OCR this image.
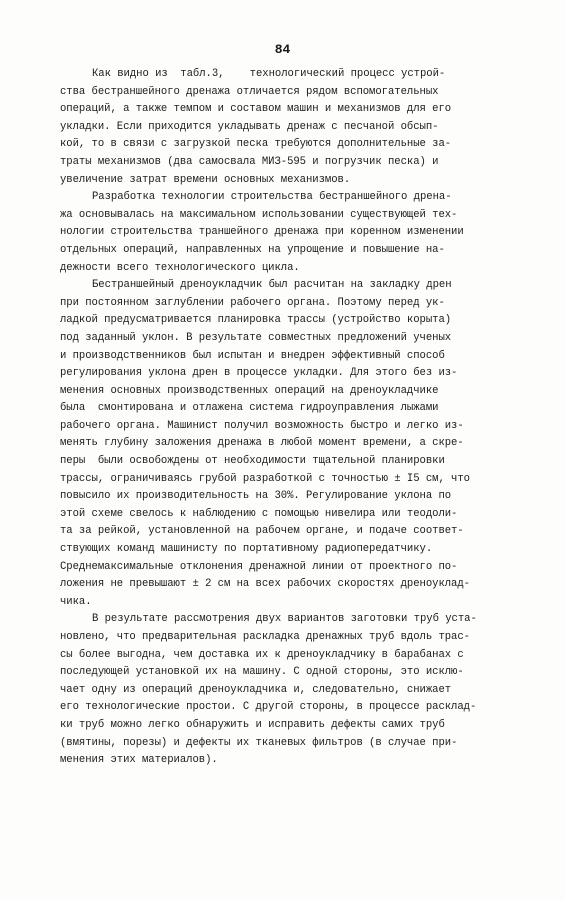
84
Как видно из  табл.3,    технологический процесс устрой-
ства бестраншейного дренажа отличается рядом вспомогательных
операций, а также темпом и составом машин и механизмов для его
укладки. Если приходится укладывать дренаж с песчаной обсып-
кой, то в связи с загрузкой песка требуются дополнительные за-
траты механизмов (два самосвала МИЗ-595 и погрузчик песка) и
увеличение затрат времени основных механизмов.
Разработка технологии строительства бестраншейного дрена-
жа основывалась на максимальном использовании существующей тех-
нологии строительства траншейного дренажа при коренном изменении
отдельных операций, направленных на упрощение и повышение на-
дежности всего технологического цикла.
Бестраншейный дреноукладчик был расчитан на закладку дрен
при постоянном заглублении рабочего органа. Поэтому перед ук-
ладкой предусматривается планировка трассы (устройство корыта)
под заданный уклон. В результате совместных предложений ученых
и производственников был испытан и внедрен эффективный способ
регулирования уклона дрен в процессе укладки. Для этого без из-
менения основных производственных операций на дреноукладчике
была  смонтирована и отлажена система гидроуправления лыжами
рабочего органа. Машинист получил возможность быстро и легко из-
менять глубину заложения дренажа в любой момент времени, а скре-
перы  были освобождены от необходимости тщательной планировки
трассы, ограничиваясь грубой разработкой с точностью ± I5 см, что
повысило их производительность на 30%. Регулирование уклона по
этой схеме свелось к наблюдению с помощью нивелира или теодоли-
та за рейкой, установленной на рабочем органе, и подаче соответ-
ствующих команд машинисту по портативному радиопередатчику.
Среднемаксимальные отклонения дренажной линии от проектного по-
ложения не превышают ± 2 см на всех рабочих скоростях дреноуклад-
чика.
В результате рассмотрения двух вариантов заготовки труб уста-
новлено, что предварительная раскладка дренажных труб вдоль трас-
сы более выгодна, чем доставка их к дреноукладчику в барабанах с
последующей установкой их на машину. С одной стороны, это исклю-
чает одну из операций дреноукладчика и, следовательно, снижает
его технологические простои. С другой стороны, в процессе расклад-
ки труб можно легко обнаружить и исправить дефекты самих труб
(вмятины, порезы) и дефекты их тканевых фильтров (в случае при-
менения этих материалов).
